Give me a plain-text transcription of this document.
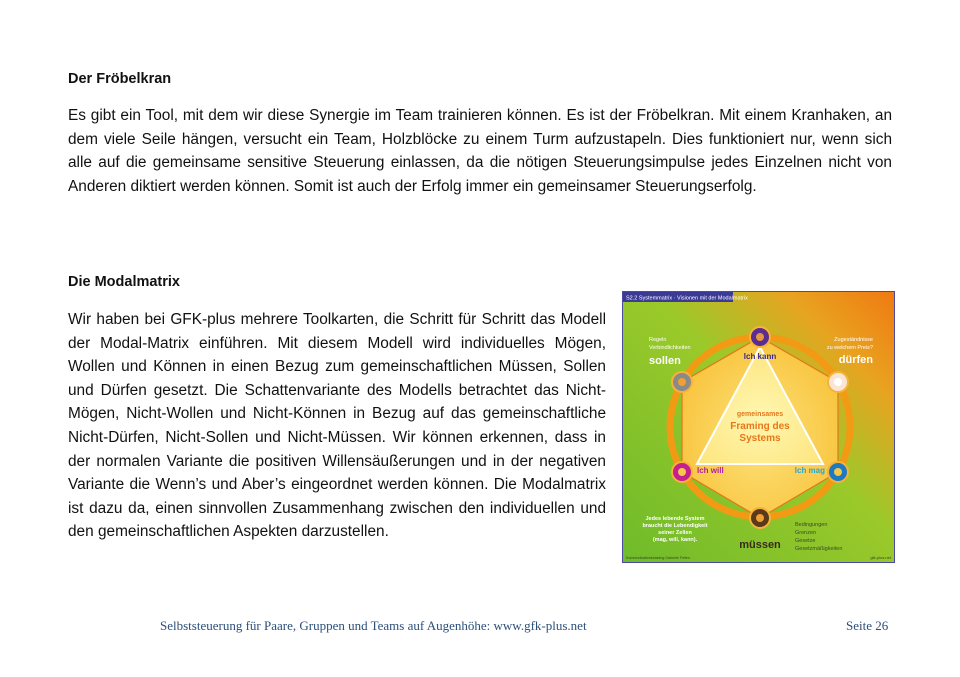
Der Fröbelkran

Es gibt ein Tool, mit dem wir diese Synergie im Team trainieren können. Es ist der Fröbelkran. Mit einem Kranhaken, an dem viele Seile hängen, versucht ein Team, Holzblöcke zu einem Turm aufzustapeln. Dies funktioniert nur, wenn sich alle auf die gemeinsame sensitive Steuerung einlassen, da die nötigen Steuerungsimpulse jedes Einzelnen nicht von Anderen diktiert werden können. Somit ist auch der Erfolg immer ein gemeinsamer Steuerungserfolg.

Die Modalmatrix

Wir haben bei GFK-plus mehrere Toolkarten, die Schritt für Schritt das Modell der Modal-Matrix einführen. Mit diesem Modell wird individuelles Mögen, Wollen und Können in einen Bezug zum gemeinschaftlichen Müssen, Sollen und Dürfen gesetzt. Die Schattenvariante des Modells betrachtet das Nicht-Mögen, Nicht-Wollen und Nicht-Können in Bezug auf das gemeinschaftliche Nicht-Dürfen, Nicht-Sollen und Nicht-Müssen. Wir können erkennen, dass in der normalen Variante die positiven Willensäußerungen und in der negativen Variante die Wenn’s und Aber’s eingeordnet werden können. Die Modalmatrix ist dazu da, einen sinnvollen Zusammenhang zwischen den individuellen und den gemeinschaftlichen Aspekten darzustellen.

S2.2 Systemmatrix · Visionen mit der Modalmatrix
gemeinsames
Framing des
Systems
Ich kann
Ich will	Ich mag
Regeln
Verbindlichkeiten
sollen
Zugeständnisse
zu welchem Preis?
dürfen
müssen
Jedes lebende System
braucht die Lebendigkeit
seiner Zellen
(mag, will, kann).
Bedingungen
Grenzen
Gesetze
Gesetzmäßigkeiten
Kommunikationstraining Gabriele Felten	gfk-plus.net
Selbststeuerung für Paare, Gruppen und Teams auf Augenhöhe: www.gfk-plus.net	Seite 26
